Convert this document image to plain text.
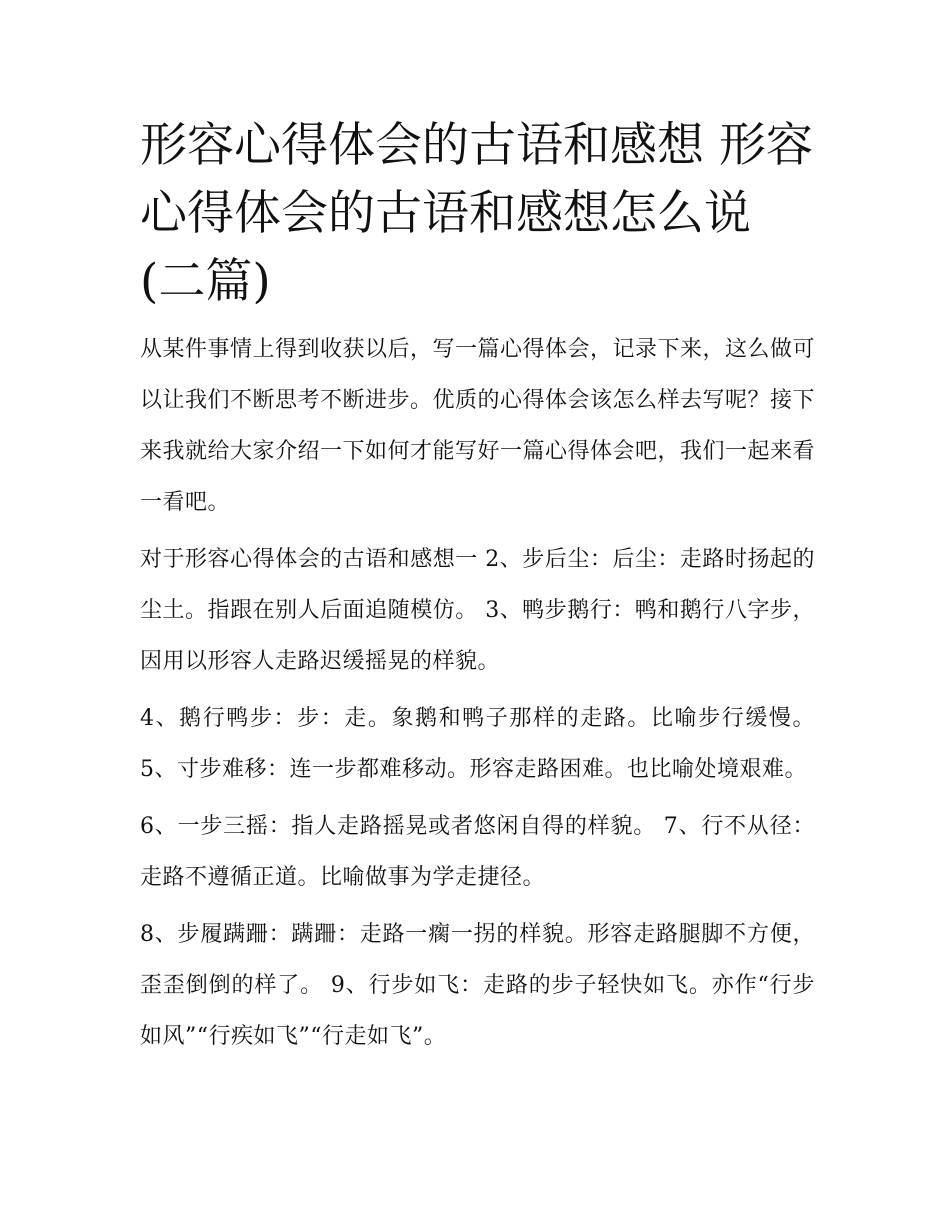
形容心得体会的古语和感想 形容心得体会的古语和感想怎么说(二篇)

从某件事情上得到收获以后，写一篇心得体会，记录下来，这么做可以让我们不断思考不断进步。优质的心得体会该怎么样去写呢？接下来我就给大家介绍一下如何才能写好一篇心得体会吧，我们一起来看一看吧。

对于形容心得体会的古语和感想一 2、步后尘：后尘：走路时扬起的尘土。指跟在别人后面追随模仿。 3、鸭步鹅行：鸭和鹅行八字步，因用以形容人走路迟缓摇晃的样貌。

4、鹅行鸭步：步：走。象鹅和鸭子那样的走路。比喻步行缓慢。 5、寸步难移：连一步都难移动。形容走路困难。也比喻处境艰难。

6、一步三摇：指人走路摇晃或者悠闲自得的样貌。 7、行不从径：走路不遵循正道。比喻做事为学走捷径。

8、步履蹒跚：蹒跚：走路一瘸一拐的样貌。形容走路腿脚不方便，歪歪倒倒的样了。 9、行步如飞：走路的步子轻快如飞。亦作“行步如风”“行疾如飞”“行走如飞”。
